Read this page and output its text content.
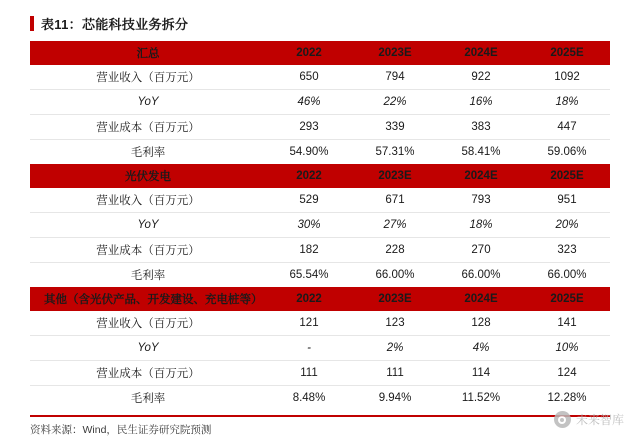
表11：芯能科技业务拆分
汇总	2022	2023E	2024E	2025E
营业收入（百万元）	650	794	922	1092
YoY	46%	22%	16%	18%
营业成本（百万元）	293	339	383	447
毛利率	54.90%	57.31%	58.41%	59.06%
光伏发电	2022	2023E	2024E	2025E
营业收入（百万元）	529	671	793	951
YoY	30%	27%	18%	20%
营业成本（百万元）	182	228	270	323
毛利率	65.54%	66.00%	66.00%	66.00%
其他（含光伏产品、开发建设、充电桩等）	2022	2023E	2024E	2025E
营业收入（百万元）	121	123	128	141
YoY	-	2%	4%	10%
营业成本（百万元）	111	111	114	124
毛利率	8.48%	9.94%	11.52%	12.28%
资料来源：Wind，民生证券研究院预测
未来智库
